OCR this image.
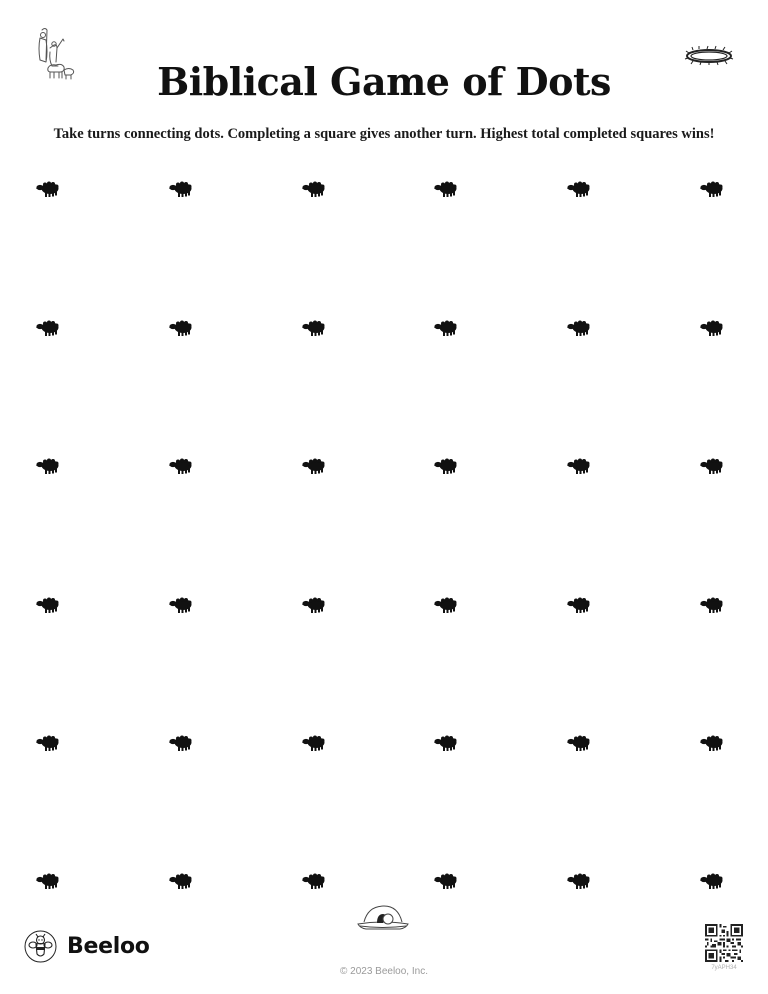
Biblical Game of Dots

Take turns connecting dots. Completing a square gives another turn. Highest total completed squares wins!

Beeloo
© 2023 Beeloo, Inc.	7yAPH34
